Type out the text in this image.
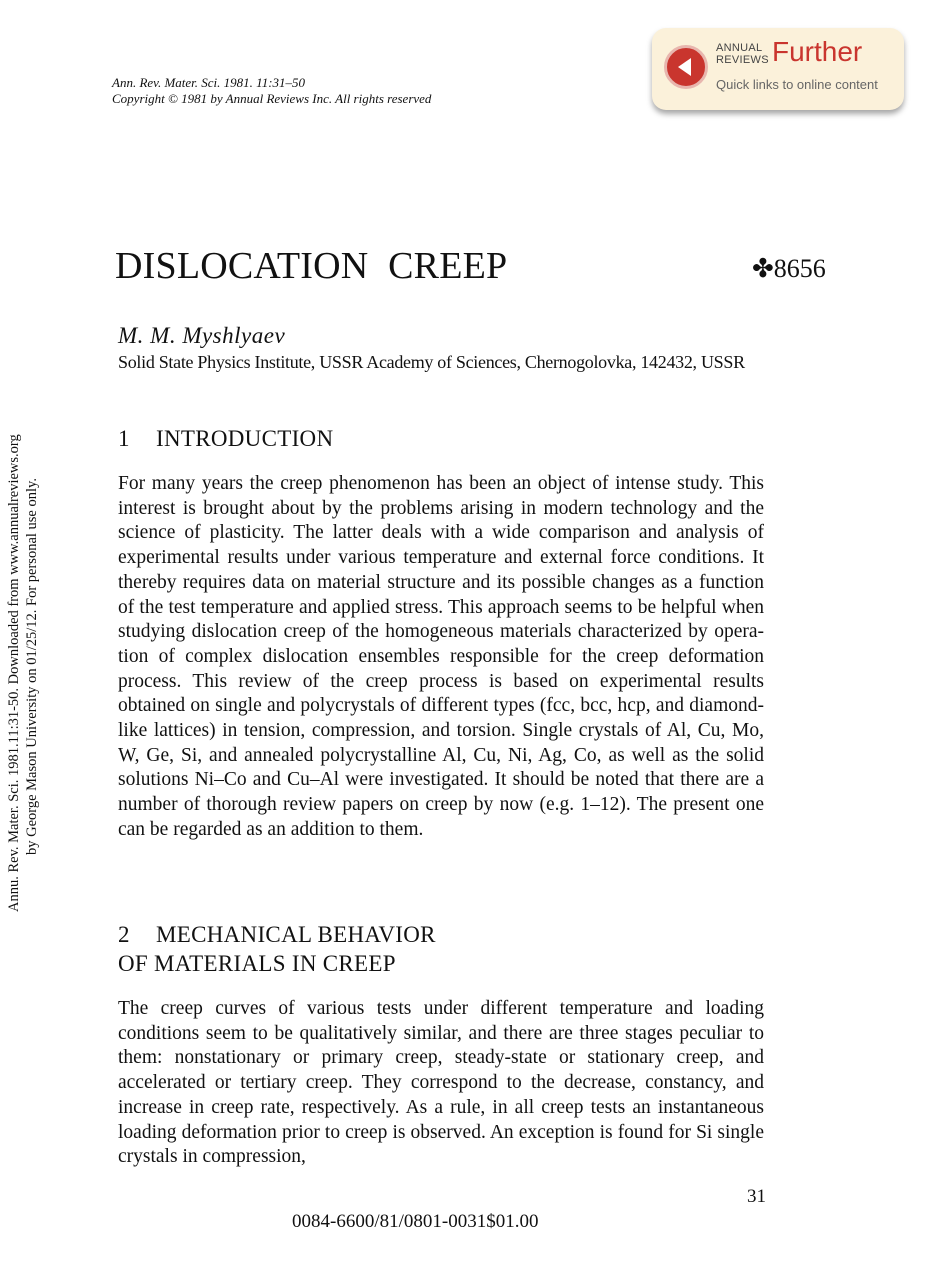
Ann. Rev. Mater. Sci. 1981. 11:31–50
Copyright © 1981 by Annual Reviews Inc. All rights reserved
ANNUAL
REVIEWS Further
Quick links to online content
Annu. Rev. Mater. Sci. 1981.11:31-50. Downloaded from www.annualreviews.org by George Mason University on 01/25/12. For personal use only.
DISLOCATION CREEP	✤8656
M. M. Myshlyaev
Solid State Physics Institute, USSR Academy of Sciences, Chernogolovka, 142432, USSR
1 INTRODUCTION
For many years the creep phenomenon has been an object of intense study. This interest is brought about by the problems arising in modern technology and the science of plasticity. The latter deals with a wide comparison and analysis of experimental results under various temperature and external force conditions. It thereby requires data on material structure and its possible changes as a function of the test temperature and applied stress. This approach seems to be helpful when studying dislocation creep of the homogeneous materials characterized by operation of complex dislocation ensembles responsible for the creep deformation process. This review of the creep process is based on experimental results obtained on single and polycrystals of different types (fcc, bcc, hcp, and diamond-like lattices) in tension, compression, and torsion. Single crystals of Al, Cu, Mo, W, Ge, Si, and annealed polycrystalline Al, Cu, Ni, Ag, Co, as well as the solid solutions Ni–Co and Cu–Al were investigated. It should be noted that there are a number of thorough review papers on creep by now (e.g. 1–12). The present one can be regarded as an addition to them.
2 MECHANICAL BEHAVIOR
OF MATERIALS IN CREEP
The creep curves of various tests under different temperature and loading conditions seem to be qualitatively similar, and there are three stages peculiar to them: nonstationary or primary creep, steady-state or stationary creep, and accelerated or tertiary creep. They correspond to the decrease, constancy, and increase in creep rate, respectively. As a rule, in all creep tests an instantaneous loading deformation prior to creep is observed. An exception is found for Si single crystals in compression,
31
0084-6600/81/0801-0031$01.00
